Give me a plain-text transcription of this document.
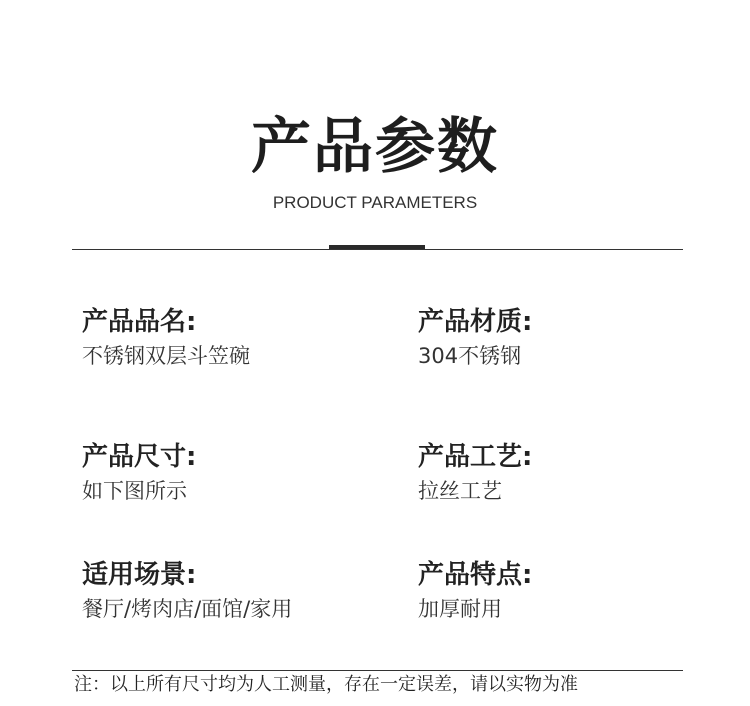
产品参数
PRODUCT PARAMETERS
产品品名:
不锈钢双层斗笠碗
产品材质:
304不锈钢
产品尺寸:
如下图所示
产品工艺:
拉丝工艺
适用场景:
餐厅/烤肉店/面馆/家用
产品特点:
加厚耐用
注：以上所有尺寸均为人工测量，存在一定误差，请以实物为准
